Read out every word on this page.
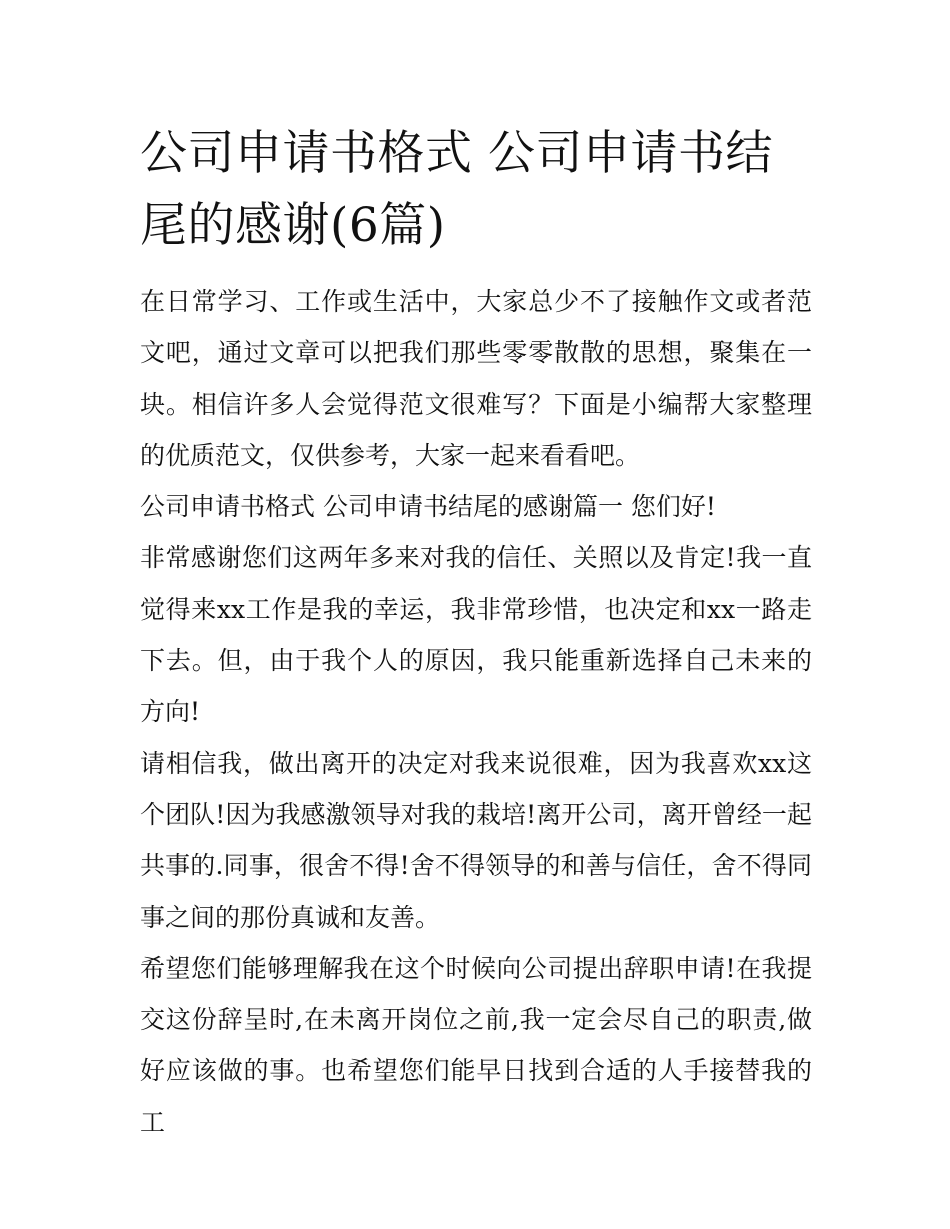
公司申请书格式 公司申请书结尾的感谢(6篇)

在日常学习、工作或生活中，大家总少不了接触作文或者范文吧，通过文章可以把我们那些零零散散的思想，聚集在一块。相信许多人会觉得范文很难写？下面是小编帮大家整理的优质范文，仅供参考，大家一起来看看吧。

公司申请书格式 公司申请书结尾的感谢篇一 您们好!

非常感谢您们这两年多来对我的信任、关照以及肯定!我一直觉得来xx工作是我的幸运，我非常珍惜，也决定和xx一路走下去。但，由于我个人的原因，我只能重新选择自己未来的方向!

请相信我，做出离开的决定对我来说很难，因为我喜欢xx这个团队!因为我感激领导对我的栽培!离开公司，离开曾经一起共事的.同事，很舍不得!舍不得领导的和善与信任，舍不得同事之间的那份真诚和友善。

希望您们能够理解我在这个时候向公司提出辞职申请!在我提交这份辞呈时,在未离开岗位之前,我一定会尽自己的职责,做好应该做的事。也希望您们能早日找到合适的人手接替我的工
